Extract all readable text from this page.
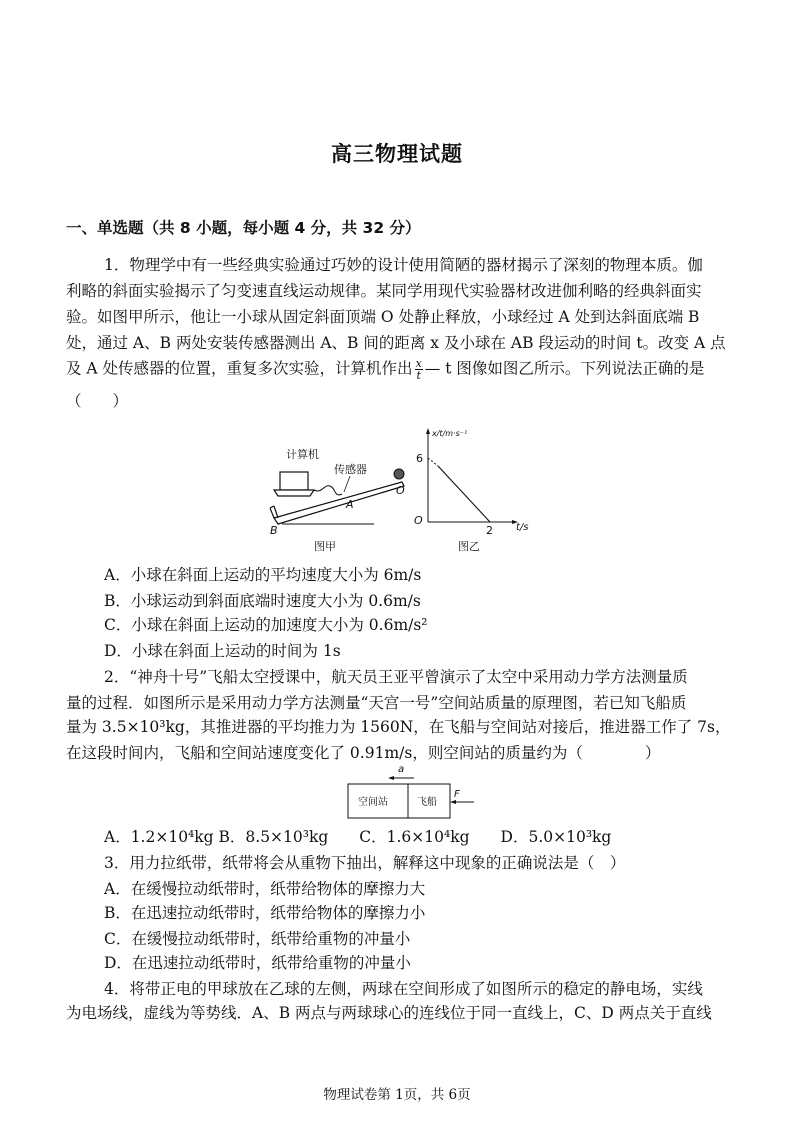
高三物理试题
一、单选题（共 8 小题，每小题 4 分，共 32 分）
1．物理学中有一些经典实验通过巧妙的设计使用简陋的器材揭示了深刻的物理本质。伽
利略的斜面实验揭示了匀变速直线运动规律。某同学用现代实验器材改进伽利略的经典斜面实
验。如图甲所示，他让一小球从固定斜面顶端 O 处静止释放，小球经过 A 处到达斜面底端 B
处，通过 A、B 两处安装传感器测出 A、B 间的距离 x 及小球在 AB 段运动的时间 t。改变 A 点
及 A 处传感器的位置，重复多次实验，计算机作出 $\frac{x}{t}$ — t 图像如图乙所示。下列说法正确的是
（　　）
计算机
传感器
O
A
B
图甲
x/t/m·s⁻¹
6
O
2 t/s
图乙
A．小球在斜面上运动的平均速度大小为 6m/s
B．小球运动到斜面底端时速度大小为 0.6m/s
C．小球在斜面上运动的加速度大小为 0.6m/s²
D．小球在斜面上运动的时间为 1s
2．“神舟十号”飞船太空授课中，航天员王亚平曾演示了太空中采用动力学方法测量质
量的过程．如图所示是采用动力学方法测量“天宫一号”空间站质量的原理图，若已知飞船质
量为 3.5×10³kg，其推进器的平均推力为 1560N，在飞船与空间站对接后，推进器工作了 7s，
在这段时间内，飞船和空间站速度变化了 0.91m/s，则空间站的质量约为（　　　　）
a
空间站	飞船
F
A．1.2×10⁴kg B．8.5×10³kg　　C．1.6×10⁴kg　　D．5.0×10³kg
3．用力拉纸带，纸带将会从重物下抽出，解释这中现象的正确说法是（　）
A．在缓慢拉动纸带时，纸带给物体的摩擦力大
B．在迅速拉动纸带时，纸带给物体的摩擦力小
C．在缓慢拉动纸带时，纸带给重物的冲量小
D．在迅速拉动纸带时，纸带给重物的冲量小
4．将带正电的甲球放在乙球的左侧，两球在空间形成了如图所示的稳定的静电场，实线
为电场线，虚线为等势线．A、B 两点与两球球心的连线位于同一直线上，C、D 两点关于直线
物理试卷第 1页，共 6页
